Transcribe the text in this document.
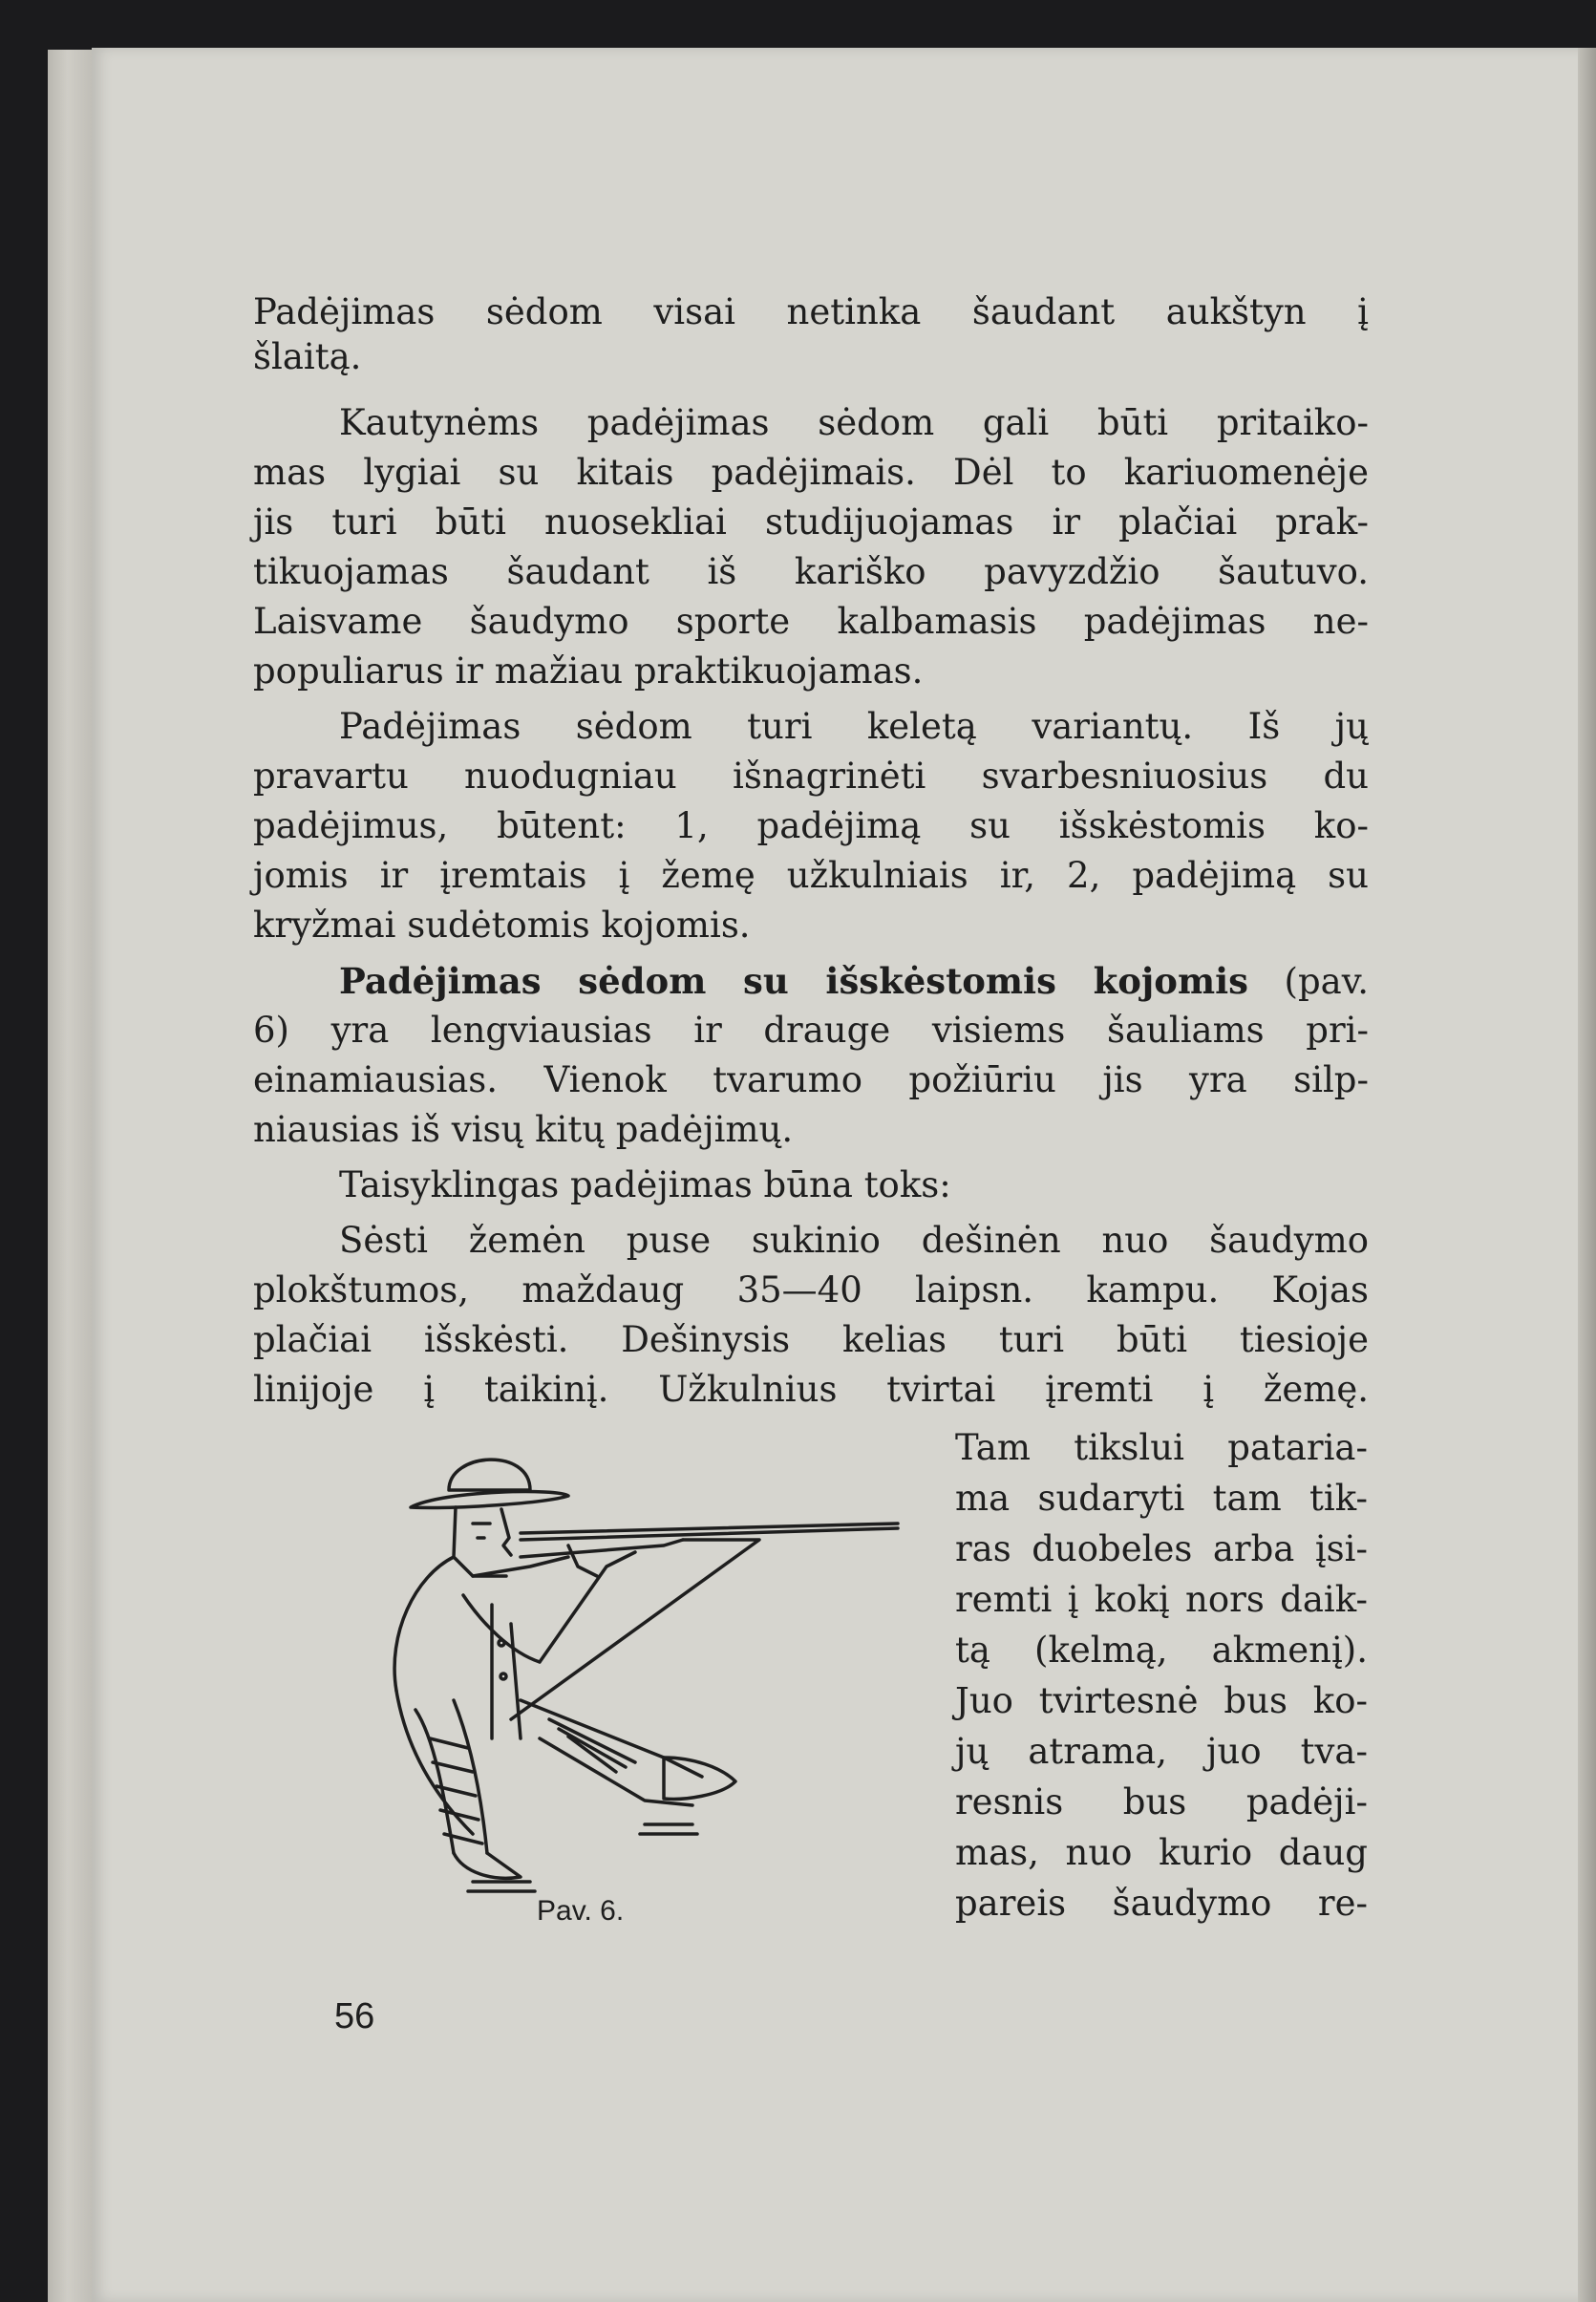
Padėjimas sėdom visai netinka šaudant aukštyn į
šlaitą.
Kautynėms padėjimas sėdom gali būti pritaiko-
mas lygiai su kitais padėjimais. Dėl to kariuomenėje
jis turi būti nuosekliai studijuojamas ir plačiai prak-
tikuojamas šaudant iš kariško pavyzdžio šautuvo.
Laisvame šaudymo sporte kalbamasis padėjimas ne-
populiarus ir mažiau praktikuojamas.
Padėjimas sėdom turi keletą variantų. Iš jų
pravartu nuodugniau išnagrinėti svarbesniuosius du
padėjimus, būtent: 1, padėjimą su išskėstomis ko-
jomis ir įremtais į žemę užkulniais ir, 2, padėjimą su
kryžmai sudėtomis kojomis.
Padėjimas sėdom su išskėstomis kojomis (pav.
6) yra lengviausias ir drauge visiems šauliams pri-
einamiausias. Vienok tvarumo požiūriu jis yra silp-
niausias iš visų kitų padėjimų.
Taisyklingas padėjimas būna toks:
Sėsti žemėn puse sukinio dešinėn nuo šaudymo
plokštumos, maždaug 35—40 laipsn. kampu. Kojas
plačiai išskėsti. Dešinysis kelias turi būti tiesioje
linijoje į taikinį. Užkulnius tvirtai įremti į žemę.
Tam tikslui pataria-
ma sudaryti tam tik-
ras duobeles arba įsi-
remti į kokį nors daik-
tą (kelmą, akmenį).
Juo tvirtesnė bus ko-
jų atrama, juo tva-
resnis bus padėji-
mas, nuo kurio daug
pareis šaudymo re-
Pav. 6.
56
